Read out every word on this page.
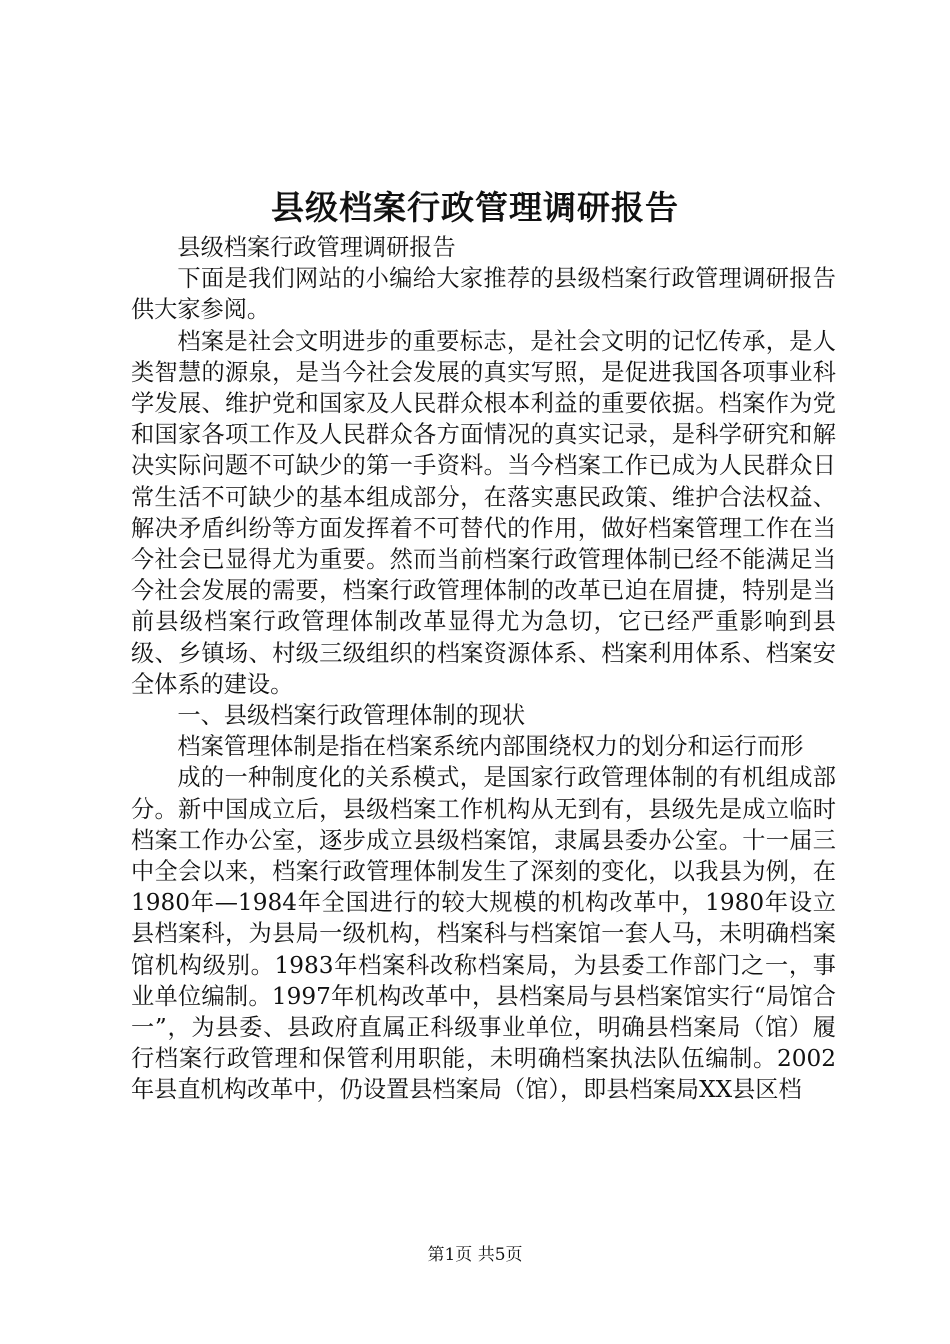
县级档案行政管理调研报告

县级档案行政管理调研报告

下面是我们网站的小编给大家推荐的县级档案行政管理调研报告供大家参阅。

档案是社会文明进步的重要标志，是社会文明的记忆传承，是人类智慧的源泉，是当今社会发展的真实写照，是促进我国各项事业科学发展、维护党和国家及人民群众根本利益的重要依据。档案作为党和国家各项工作及人民群众各方面情况的真实记录，是科学研究和解决实际问题不可缺少的第一手资料。当今档案工作已成为人民群众日常生活不可缺少的基本组成部分，在落实惠民政策、维护合法权益、解决矛盾纠纷等方面发挥着不可替代的作用，做好档案管理工作在当今社会已显得尤为重要。然而当前档案行政管理体制已经不能满足当今社会发展的需要，档案行政管理体制的改革已迫在眉捷，特别是当前县级档案行政管理体制改革显得尤为急切，它已经严重影响到县级、乡镇场、村级三级组织的档案资源体系、档案利用体系、档案安全体系的建设。

一、县级档案行政管理体制的现状

档案管理体制是指在档案系统内部围绕权力的划分和运行而形

成的一种制度化的关系模式，是国家行政管理体制的有机组成部分。新中国成立后，县级档案工作机构从无到有，县级先是成立临时档案工作办公室，逐步成立县级档案馆，隶属县委办公室。十一届三中全会以来，档案行政管理体制发生了深刻的变化，以我县为例，在1980年—1984年全国进行的较大规模的机构改革中，1980年设立县档案科，为县局一级机构，档案科与档案馆一套人马，未明确档案馆机构级别。1983年档案科改称档案局，为县委工作部门之一，事业单位编制。1997年机构改革中，县档案局与县档案馆实行“局馆合一”，为县委、县政府直属正科级事业单位，明确县档案局（馆）履行档案行政管理和保管利用职能，未明确档案执法队伍编制。2002年县直机构改革中，仍设置县档案局（馆），即县档案局XX县区档

第1页 共5页
